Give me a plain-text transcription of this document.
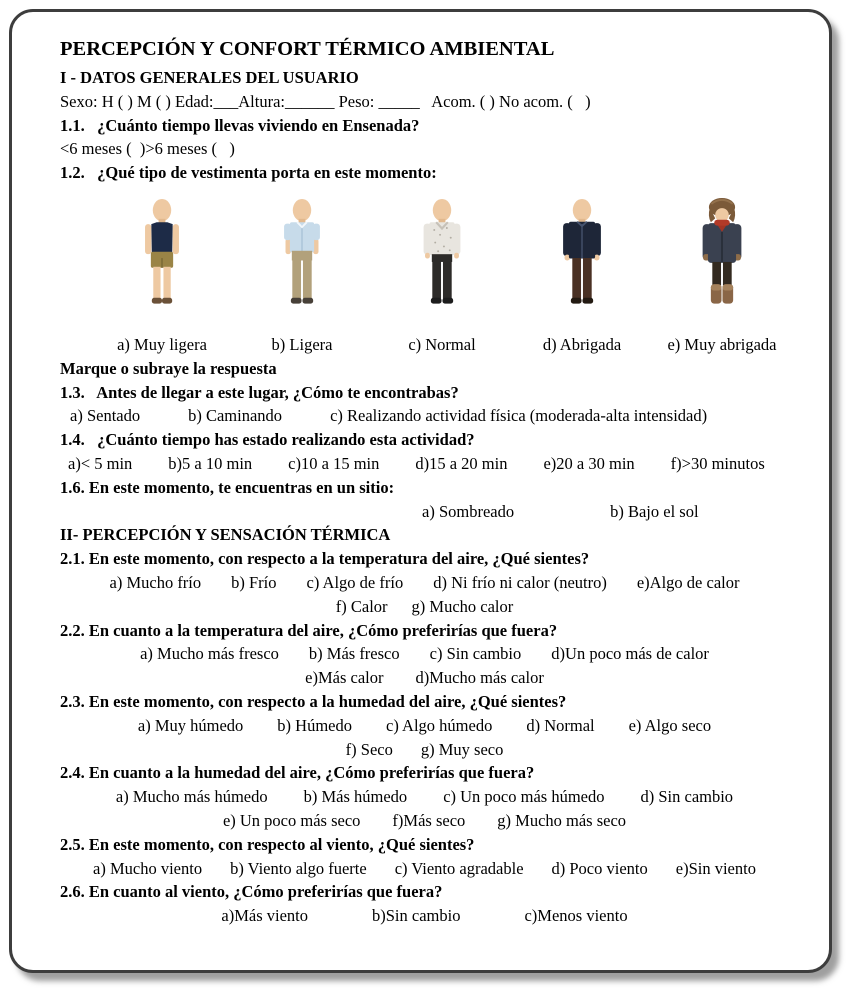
PERCEPCIÓN Y CONFORT TÉRMICO AMBIENTAL
I - DATOS GENERALES DEL USUARIO
Sexo: H ( ) M ( ) Edad:___Altura:______ Peso: _____   Acom. ( ) No acom. (   )
1.1.   ¿Cuánto tiempo llevas viviendo en Ensenada?
<6 meses (  )>6 meses (   )
1.2.   ¿Qué tipo de vestimenta porta en este momento:
a) Muy ligera	b) Ligera	c) Normal	d) Abrigada	e) Muy abrigada
Marque o subraye la respuesta
1.3.   Antes de llegar a este lugar, ¿Cómo te encontrabas?
a) Sentado	b) Caminando	c) Realizando actividad física (moderada-alta intensidad)
1.4.   ¿Cuánto tiempo has estado realizando esta actividad?
a)< 5 min b)5 a 10 min c)10 a 15 min d)15 a 20 min e)20 a 30 min f)>30 minutos
1.6. En este momento, te encuentras en un sitio:
a) Sombreado	b) Bajo el sol
II- PERCEPCIÓN Y SENSACIÓN TÉRMICA
2.1. En este momento, con respecto a la temperatura del aire, ¿Qué sientes?
a) Mucho frío b) Frío c) Algo de frío d) Ni frío ni calor (neutro) e)Algo de calor
f) Calor g) Mucho calor
2.2. En cuanto a la temperatura del aire, ¿Cómo preferirías que fuera?
a) Mucho más fresco b) Más fresco c) Sin cambio d)Un poco más de calor
e)Más calor d)Mucho más calor
2.3. En este momento, con respecto a la humedad del aire, ¿Qué sientes?
a) Muy húmedo b) Húmedo c) Algo húmedo d) Normal e) Algo seco
f) Seco g) Muy seco
2.4. En cuanto a la humedad del aire, ¿Cómo preferirías que fuera?
a) Mucho más húmedo b) Más húmedo c) Un poco más húmedo d) Sin cambio
e) Un poco más seco f)Más seco g) Mucho más seco
2.5. En este momento, con respecto al viento, ¿Qué sientes?
a) Mucho viento b) Viento algo fuerte c) Viento agradable d) Poco viento e)Sin viento
2.6. En cuanto al viento, ¿Cómo preferirías que fuera?
a)Más viento	b)Sin cambio	c)Menos viento
